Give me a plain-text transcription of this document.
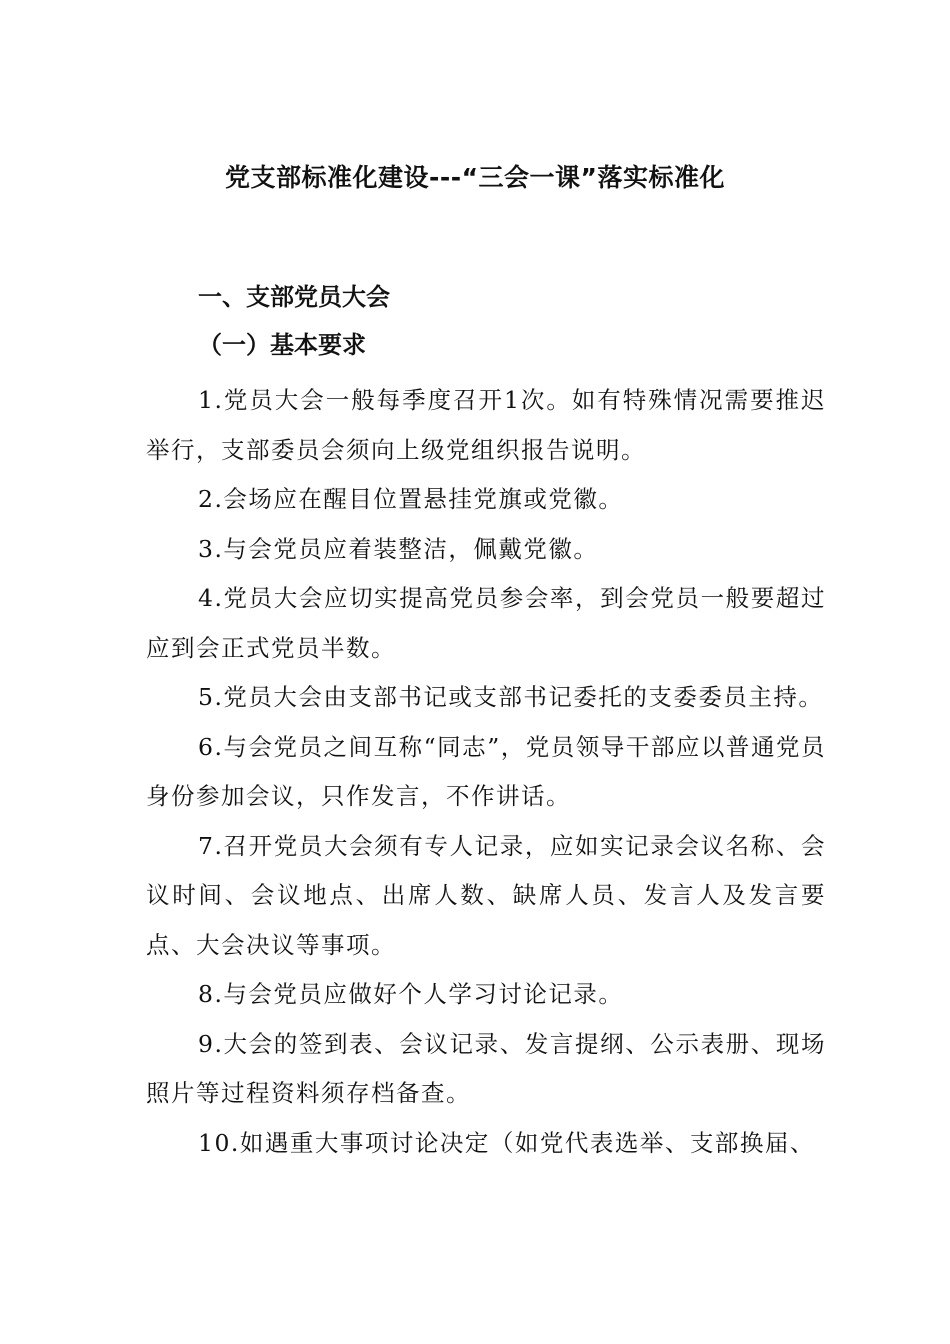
党支部标准化建设---“三会一课”落实标准化
一、支部党员大会
（一）基本要求
1.党员大会一般每季度召开1次。如有特殊情况需要推迟举行，支部委员会须向上级党组织报告说明。
2.会场应在醒目位置悬挂党旗或党徽。
3.与会党员应着装整洁，佩戴党徽。
4.党员大会应切实提高党员参会率，到会党员一般要超过应到会正式党员半数。
5.党员大会由支部书记或支部书记委托的支委委员主持。
6.与会党员之间互称“同志”，党员领导干部应以普通党员身份参加会议，只作发言，不作讲话。
7.召开党员大会须有专人记录，应如实记录会议名称、会议时间、会议地点、出席人数、缺席人员、发言人及发言要点、大会决议等事项。
8.与会党员应做好个人学习讨论记录。
9.大会的签到表、会议记录、发言提纲、公示表册、现场照片等过程资料须存档备查。
10.如遇重大事项讨论决定（如党代表选举、支部换届、
